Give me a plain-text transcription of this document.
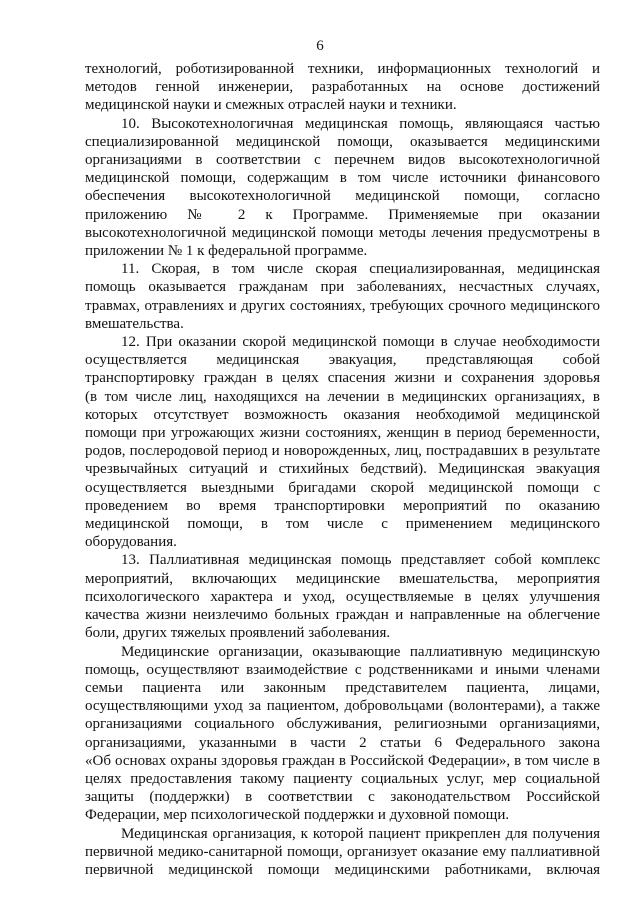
6
технологий, роботизированной техники, информационных технологий и
методов генной инженерии, разработанных на основе достижений
медицинской науки и смежных отраслей науки и техники.
10. Высокотехнологичная медицинская помощь, являющаяся частью
специализированной медицинской помощи, оказывается медицинскими
организациями в соответствии с перечнем видов высокотехнологичной
медицинской помощи, содержащим в том числе источники финансового
обеспечения высокотехнологичной медицинской помощи, согласно
приложению № 2 к Программе. Применяемые при оказании
высокотехнологичной медицинской помощи методы лечения предусмотрены в
приложении № 1 к федеральной программе.
11. Скорая, в том числе скорая специализированная, медицинская
помощь оказывается гражданам при заболеваниях, несчастных случаях,
травмах, отравлениях и других состояниях, требующих срочного медицинского
вмешательства.
12. При оказании скорой медицинской помощи в случае необходимости
осуществляется медицинская эвакуация, представляющая собой
транспортировку граждан в целях спасения жизни и сохранения здоровья
(в том числе лиц, находящихся на лечении в медицинских организациях, в
которых отсутствует возможность оказания необходимой медицинской
помощи при угрожающих жизни состояниях, женщин в период беременности,
родов, послеродовой период и новорожденных, лиц, пострадавших в результате
чрезвычайных ситуаций и стихийных бедствий). Медицинская эвакуация
осуществляется выездными бригадами скорой медицинской помощи с
проведением во время транспортировки мероприятий по оказанию
медицинской помощи, в том числе с применением медицинского
оборудования.
13. Паллиативная медицинская помощь представляет собой комплекс
мероприятий, включающих медицинские вмешательства, мероприятия
психологического характера и уход, осуществляемые в целях улучшения
качества жизни неизлечимо больных граждан и направленные на облегчение
боли, других тяжелых проявлений заболевания.
Медицинские организации, оказывающие паллиативную медицинскую
помощь, осуществляют взаимодействие с родственниками и иными членами
семьи пациента или законным представителем пациента, лицами,
осуществляющими уход за пациентом, добровольцами (волонтерами), а также
организациями социального обслуживания, религиозными организациями,
организациями, указанными в части 2 статьи 6 Федерального закона
«Об основах охраны здоровья граждан в Российской Федерации», в том числе в
целях предоставления такому пациенту социальных услуг, мер социальной
защиты (поддержки) в соответствии с законодательством Российской
Федерации, мер психологической поддержки и духовной помощи.
Медицинская организация, к которой пациент прикреплен для получения
первичной медико-санитарной помощи, организует оказание ему паллиативной
первичной медицинской помощи медицинскими работниками, включая
